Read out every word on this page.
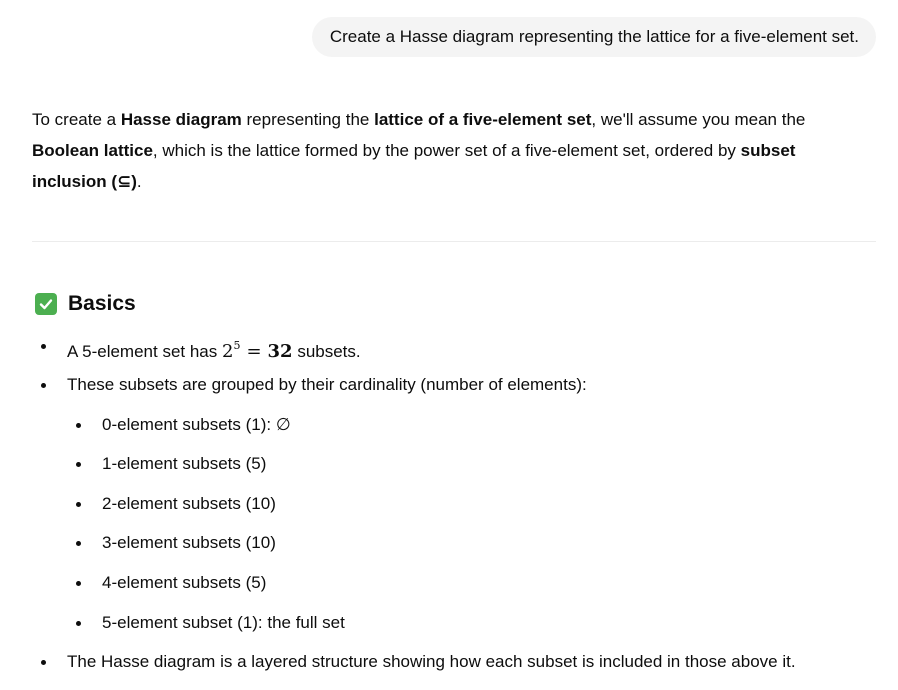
Create a Hasse diagram representing the lattice for a five-element set.

To create a Hasse diagram representing the lattice of a five-element set, we'll assume you mean the
Boolean lattice, which is the lattice formed by the power set of a five-element set, ordered by subset inclusion (⊆).

Basics
A 5-element set has $2^5 = 32$ subsets.
These subsets are grouped by their cardinality (number of elements):
0-element subsets (1): ∅
1-element subsets (5)
2-element subsets (10)
3-element subsets (10)
4-element subsets (5)
5-element subset (1): the full set
The Hasse diagram is a layered structure showing how each subset is included in those above it.
